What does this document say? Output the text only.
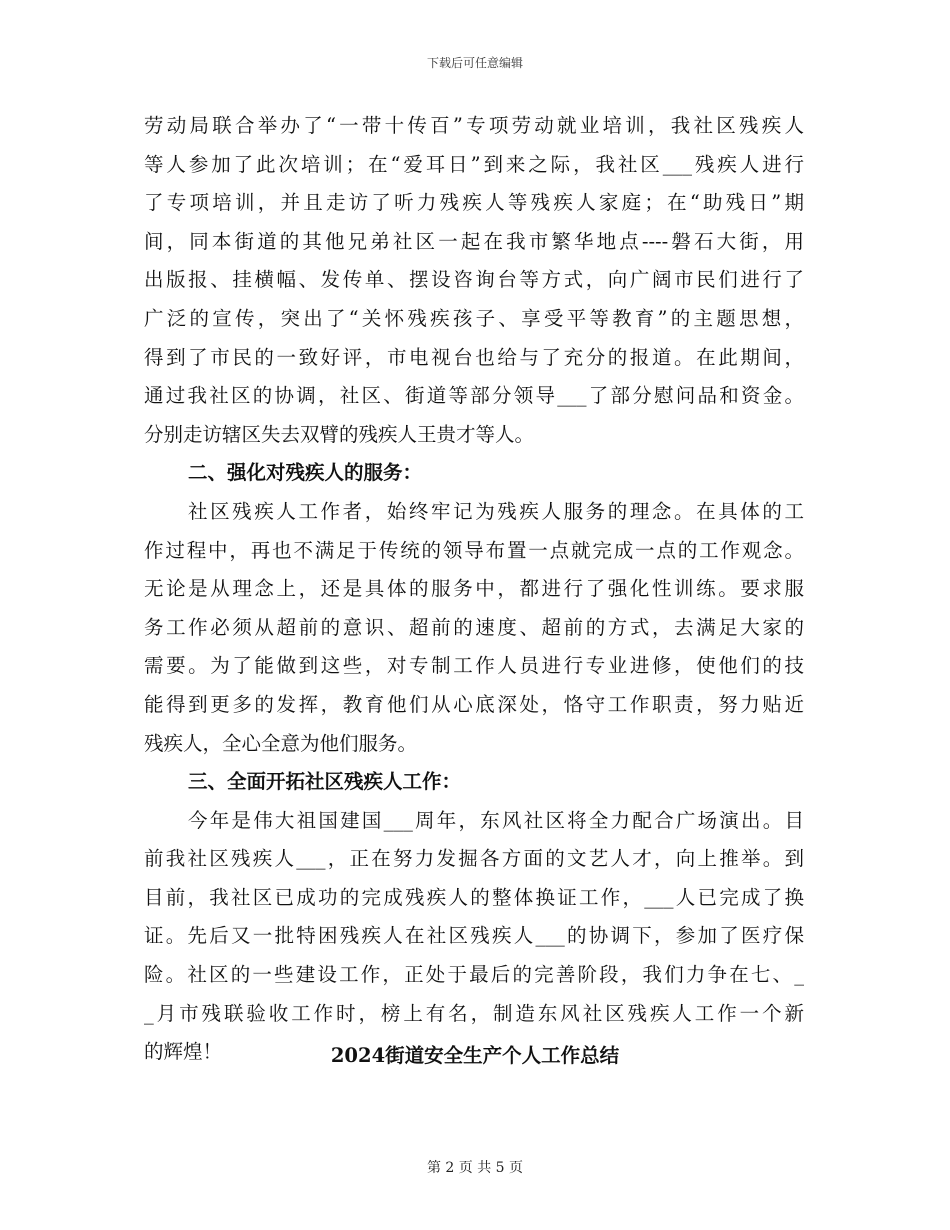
下载后可任意编辑
劳动局联合举办了“一带十传百”专项劳动就业培训，我社区残疾人
等人参加了此次培训；在“爱耳日”到来之际，我社区___残疾人进行
了专项培训，并且走访了听力残疾人等残疾人家庭；在“助残日”期
间，同本街道的其他兄弟社区一起在我市繁华地点----磐石大街，用
出版报、挂横幅、发传单、摆设咨询台等方式，向广阔市民们进行了
广泛的宣传，突出了“关怀残疾孩子、享受平等教育”的主题思想，
得到了市民的一致好评，市电视台也给与了充分的报道。在此期间，
通过我社区的协调，社区、街道等部分领导___了部分慰问品和资金。
分别走访辖区失去双臂的残疾人王贵才等人。
二、强化对残疾人的服务：
社区残疾人工作者，始终牢记为残疾人服务的理念。在具体的工
作过程中，再也不满足于传统的领导布置一点就完成一点的工作观念。
无论是从理念上，还是具体的服务中，都进行了强化性训练。要求服
务工作必须从超前的意识、超前的速度、超前的方式，去满足大家的
需要。为了能做到这些，对专制工作人员进行专业进修，使他们的技
能得到更多的发挥，教育他们从心底深处，恪守工作职责，努力贴近
残疾人，全心全意为他们服务。
三、全面开拓社区残疾人工作：
今年是伟大祖国建国___周年，东风社区将全力配合广场演出。目
前我社区残疾人___，正在努力发掘各方面的文艺人才，向上推举。到
目前，我社区已成功的完成残疾人的整体换证工作，___人已完成了换
证。先后又一批特困残疾人在社区残疾人___的协调下，参加了医疗保
险。社区的一些建设工作，正处于最后的完善阶段，我们力争在七、_
_月市残联验收工作时，榜上有名，制造东风社区残疾人工作一个新
的辉煌！	2024街道安全生产个人工作总结
第 2 页 共 5 页
